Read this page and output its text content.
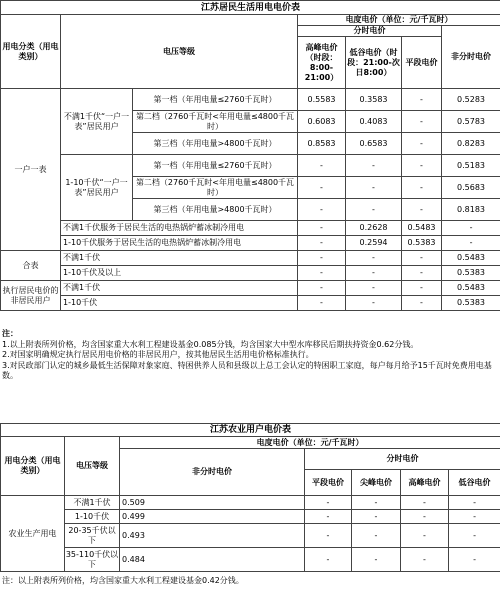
江苏居民生活用电电价表						
用电分类（用电类别）	电压等级		电度电价（单位：元/千瓦时）			
			分时电价			非分时电价
			高峰电价（时段：8:00-21:00）	低谷电价（时段：21:00-次日8:00）	平段电价	
一户一表	不满1千伏“一户一表”居民用户	第一档（年用电量≤2760千瓦时）	0.5583	0.3583	-	0.5283
		第二档（2760千瓦时<年用电量≤4800千瓦时）	0.6083	0.4083	-	0.5783
		第三档（年用电量>4800千瓦时）	0.8583	0.6583	-	0.8283
	1-10千伏“一户一表”居民用户	第一档（年用电量≤2760千瓦时）	-	-	-	0.5183
		第二档（2760千瓦时<年用电量≤4800千瓦时）	-	-	-	0.5683
		第三档（年用电量>4800千瓦时）	-	-	-	0.8183
	不满1千伏服务于居民生活的电热锅炉蓄冰制冷用电		-	0.2628	0.5483	-
	1-10千伏服务于居民生活的电热锅炉蓄冰制冷用电		-	0.2594	0.5383	-
合表	不满1千伏		-	-	-	0.5483
	1-10千伏及以上		-	-	-	0.5383
执行居民电价的非居民用户	不满1千伏		-	-	-	0.5483
	1-10千伏		-	-	-	0.5383
注：
1.以上附表所列价格，均含国家重大水利工程建设基金0.085分钱，均含国家大中型水库移民后期扶持资金0.62分钱。
2.对国家明确规定执行居民用电价格的非居民用户，按其他居民生活用电价格标准执行。
3.对民政部门认定的城乡最低生活保障对象家庭、特困供养人员和县级以上总工会认定的特困职工家庭，每户每月给予15千瓦时免费用电基数。
江苏农业用户电价表						
用电分类（用电类别）	电压等级	电度电价（单位：元/千瓦时）				
		非分时电价	分时电价			
			平段电价	尖峰电价	高峰电价	低谷电价

农业生产用电	不满1千伏	0.509	-	-	-	-
	1-10千伏	0.499	-	-	-	-
	20-35千伏以下	0.493	-	-	-	-
	35-110千伏以下	0.484	-	-	-	-
注：以上附表所列价格，均含国家重大水利工程建设基金0.42分钱。
